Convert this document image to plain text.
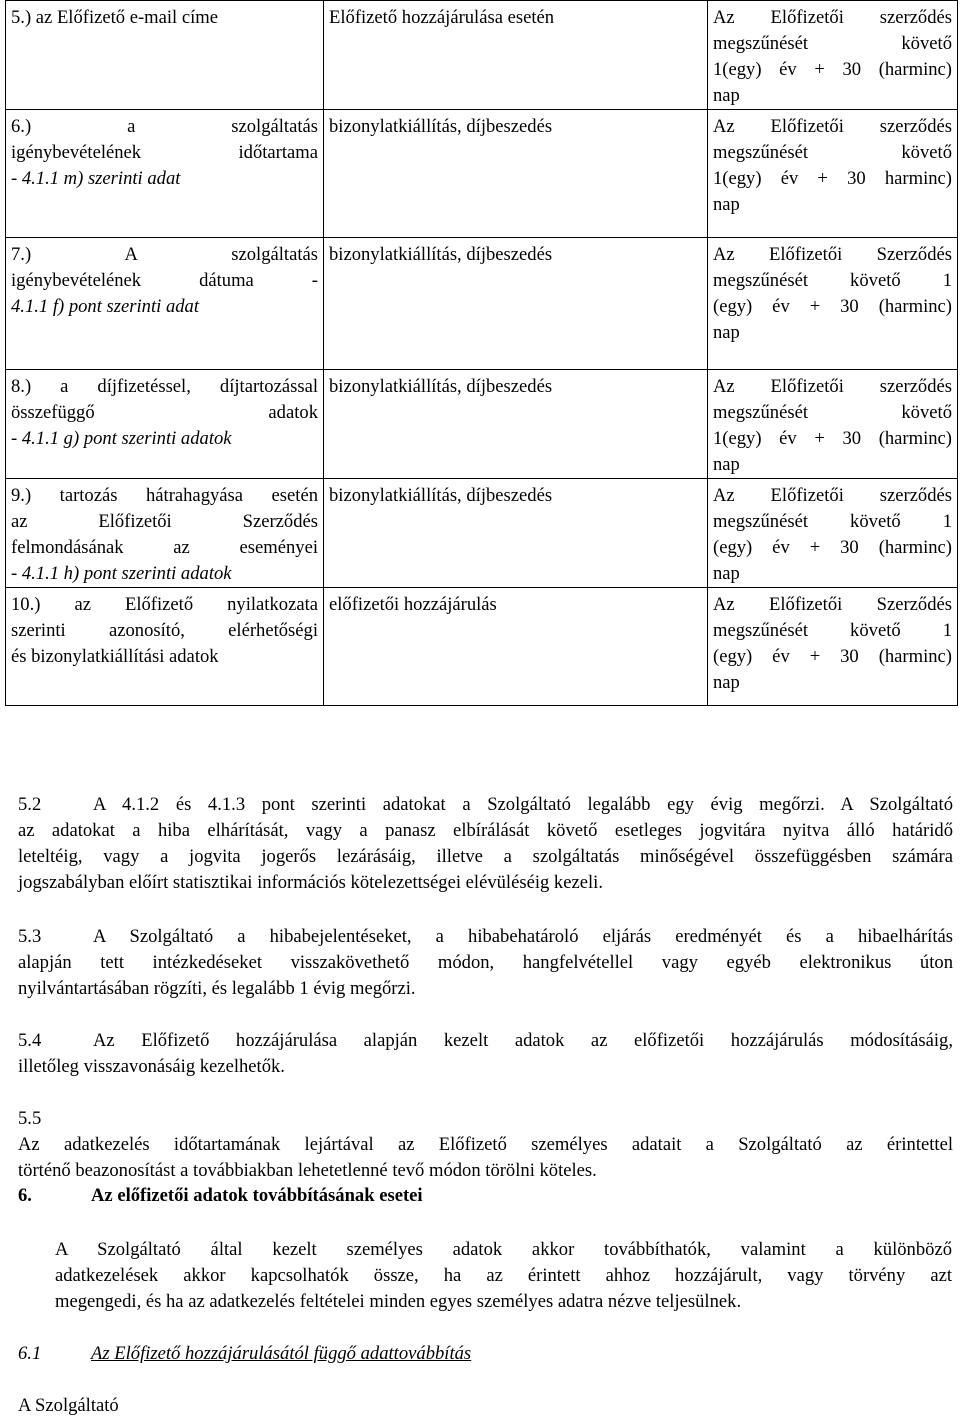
5.) az Előfizető e-mail címe	Előfizető hozzájárulása esetén	Az Előfizetői szerződés
megszűnését követő
1(egy) év + 30 (harminc)
nap

6.) a szolgáltatás
igénybevételének időtartama
- 4.1.1 m) szerinti adat	bizonylatkiállítás, díjbeszedés	Az Előfizetői szerződés
megszűnését követő
1(egy) év + 30 harminc)
nap

7.) A szolgáltatás
igénybevételének dátuma -
4.1.1 f) pont szerinti adat	bizonylatkiállítás, díjbeszedés	Az Előfizetői Szerződés
megszűnését követő 1
(egy) év + 30 (harminc)
nap

8.) a díjfizetéssel, díjtartozással
összefüggő adatok
- 4.1.1 g) pont szerinti adatok	bizonylatkiállítás, díjbeszedés	Az Előfizetői szerződés
megszűnését követő
1(egy) év + 30 (harminc)
nap

9.) tartozás hátrahagyása esetén
az Előfizetői Szerződés
felmondásának az eseményei
- 4.1.1 h) pont szerinti adatok	bizonylatkiállítás, díjbeszedés	Az Előfizetői szerződés
megszűnését követő 1
(egy) év + 30 (harminc)
nap

10.) az Előfizető nyilatkozata
szerinti azonosító, elérhetőségi
és bizonylatkiállítási adatok	előfizetői hozzájárulás	Az Előfizetői Szerződés
megszűnését követő 1
(egy) év + 30 (harminc)
nap
5.2	A 4.1.2 és 4.1.3 pont szerinti adatokat a Szolgáltató legalább egy évig megőrzi. A Szolgáltató
az adatokat a hiba elhárítását, vagy a panasz elbírálását követő esetleges jogvitára nyitva álló határidő
leteltéig, vagy a jogvita jogerős lezárásáig, illetve a szolgáltatás minőségével összefüggésben számára
jogszabályban előírt statisztikai információs kötelezettségei elévüléséig kezeli.
5.3	A Szolgáltató a hibabejelentéseket, a hibabehatároló eljárás eredményét és a hibaelhárítás
alapján tett intézkedéseket visszakövethető módon, hangfelvétellel vagy egyéb elektronikus úton
nyilvántartásában rögzíti, és legalább 1 évig megőrzi.
5.4	Az Előfizető hozzájárulása alapján kezelt adatok az előfizetői hozzájárulás módosításáig,
illetőleg visszavonásáig kezelhetők.
5.5
Az adatkezelés időtartamának lejártával az Előfizető személyes adatait a Szolgáltató az érintettel
történő beazonosítást a továbbiakban lehetetlenné tevő módon törölni köteles.
6.	Az előfizetői adatok továbbításának esetei
A Szolgáltató által kezelt személyes adatok akkor továbbíthatók, valamint a különböző
adatkezelések akkor kapcsolhatók össze, ha az érintett ahhoz hozzájárult, vagy törvény azt
megengedi, és ha az adatkezelés feltételei minden egyes személyes adatra nézve teljesülnek.
6.1	Az Előfizető hozzájárulásától függő adattovábbítás
A Szolgáltató
